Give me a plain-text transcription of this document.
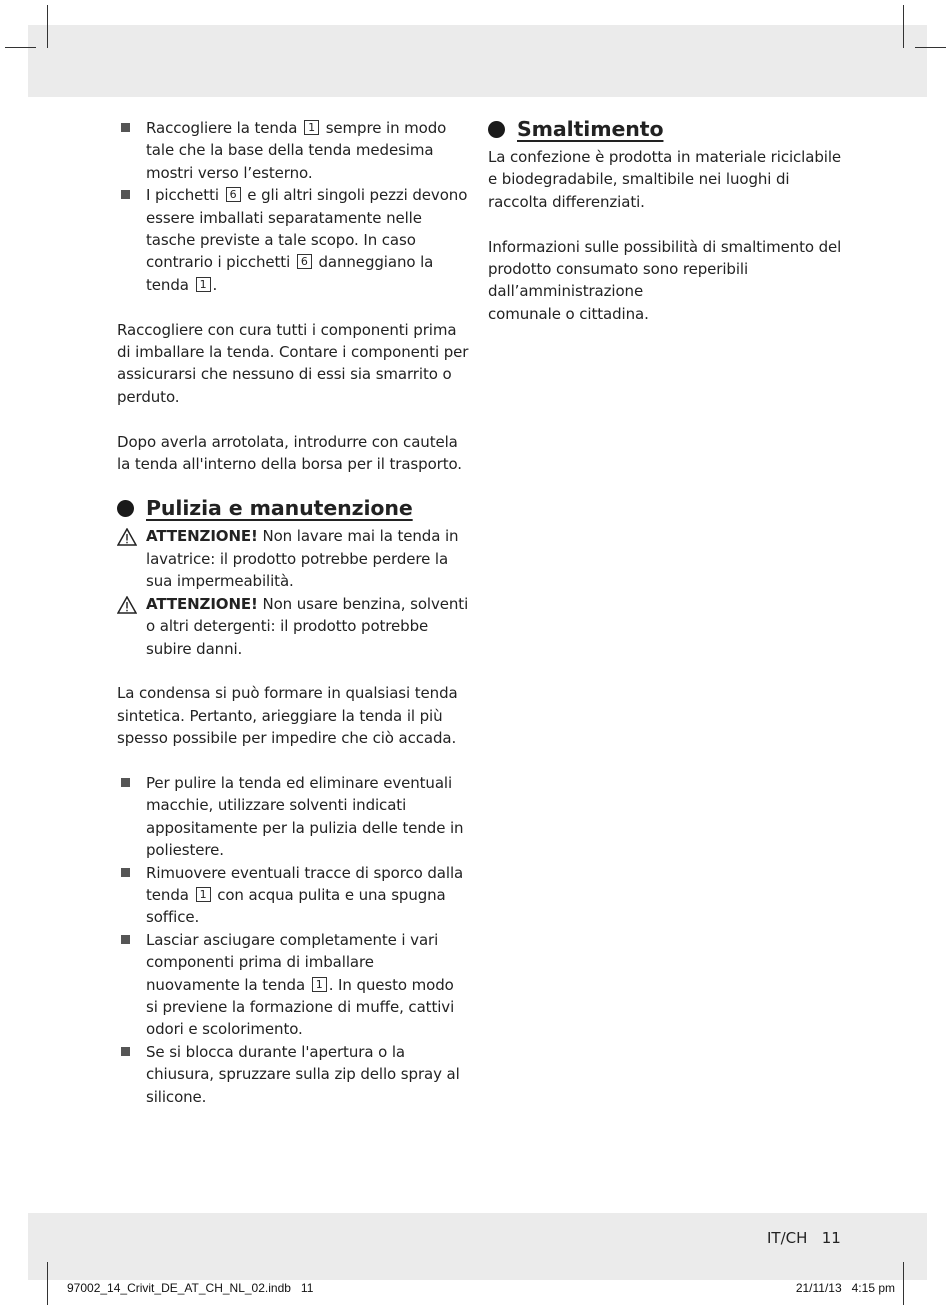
Raccogliere la tenda 1 sempre in modo tale che la base della tenda medesima mostri verso l’esterno.
I picchetti 6 e gli altri singoli pezzi devono essere imballati separatamente nelle tasche previste a tale scopo. In caso contrario i picchetti 6 danneggiano la tenda 1 .

Raccogliere con cura tutti i componenti prima di imballare la tenda. Contare i componenti per assicurarsi che nessuno di essi sia smarrito o perduto.

Dopo averla arrotolata, introdurre con cautela la tenda all'interno della borsa per il trasporto.

Pulizia e manutenzione
ATTENZIONE! Non lavare mai la tenda in lavatrice: il prodotto potrebbe perdere la sua impermeabilità.
ATTENZIONE! Non usare benzina, solventi o altri detergenti: il prodotto potrebbe subire danni.

La condensa si può formare in qualsiasi tenda sintetica. Pertanto, arieggiare la tenda il più spesso possibile per impedire che ciò accada.

Per pulire la tenda ed eliminare eventuali macchie, utilizzare solventi indicati appositamente per la pulizia delle tende in poliestere.
Rimuovere eventuali tracce di sporco dalla tenda 1 con acqua pulita e una spugna soffice.
Lasciar asciugare completamente i vari componenti prima di imballare nuovamente la tenda 1 . In questo modo si previene la formazione di muffe, cattivi odori e scolorimento.
Se si blocca durante l'apertura o la chiusura, spruzzare sulla zip dello spray al silicone.
Smaltimento

La confezione è prodotta in materiale riciclabile e biodegradabile, smaltibile nei luoghi di raccolta differenziati.

Informazioni sulle possibilità di smaltimento del prodotto consumato sono reperibili
dall’amministrazione
comunale o cittadina.

IT/CH   11
97002_14_Crivit_DE_AT_CH_NL_02.indb   11	21/11/13   4:15 pm
